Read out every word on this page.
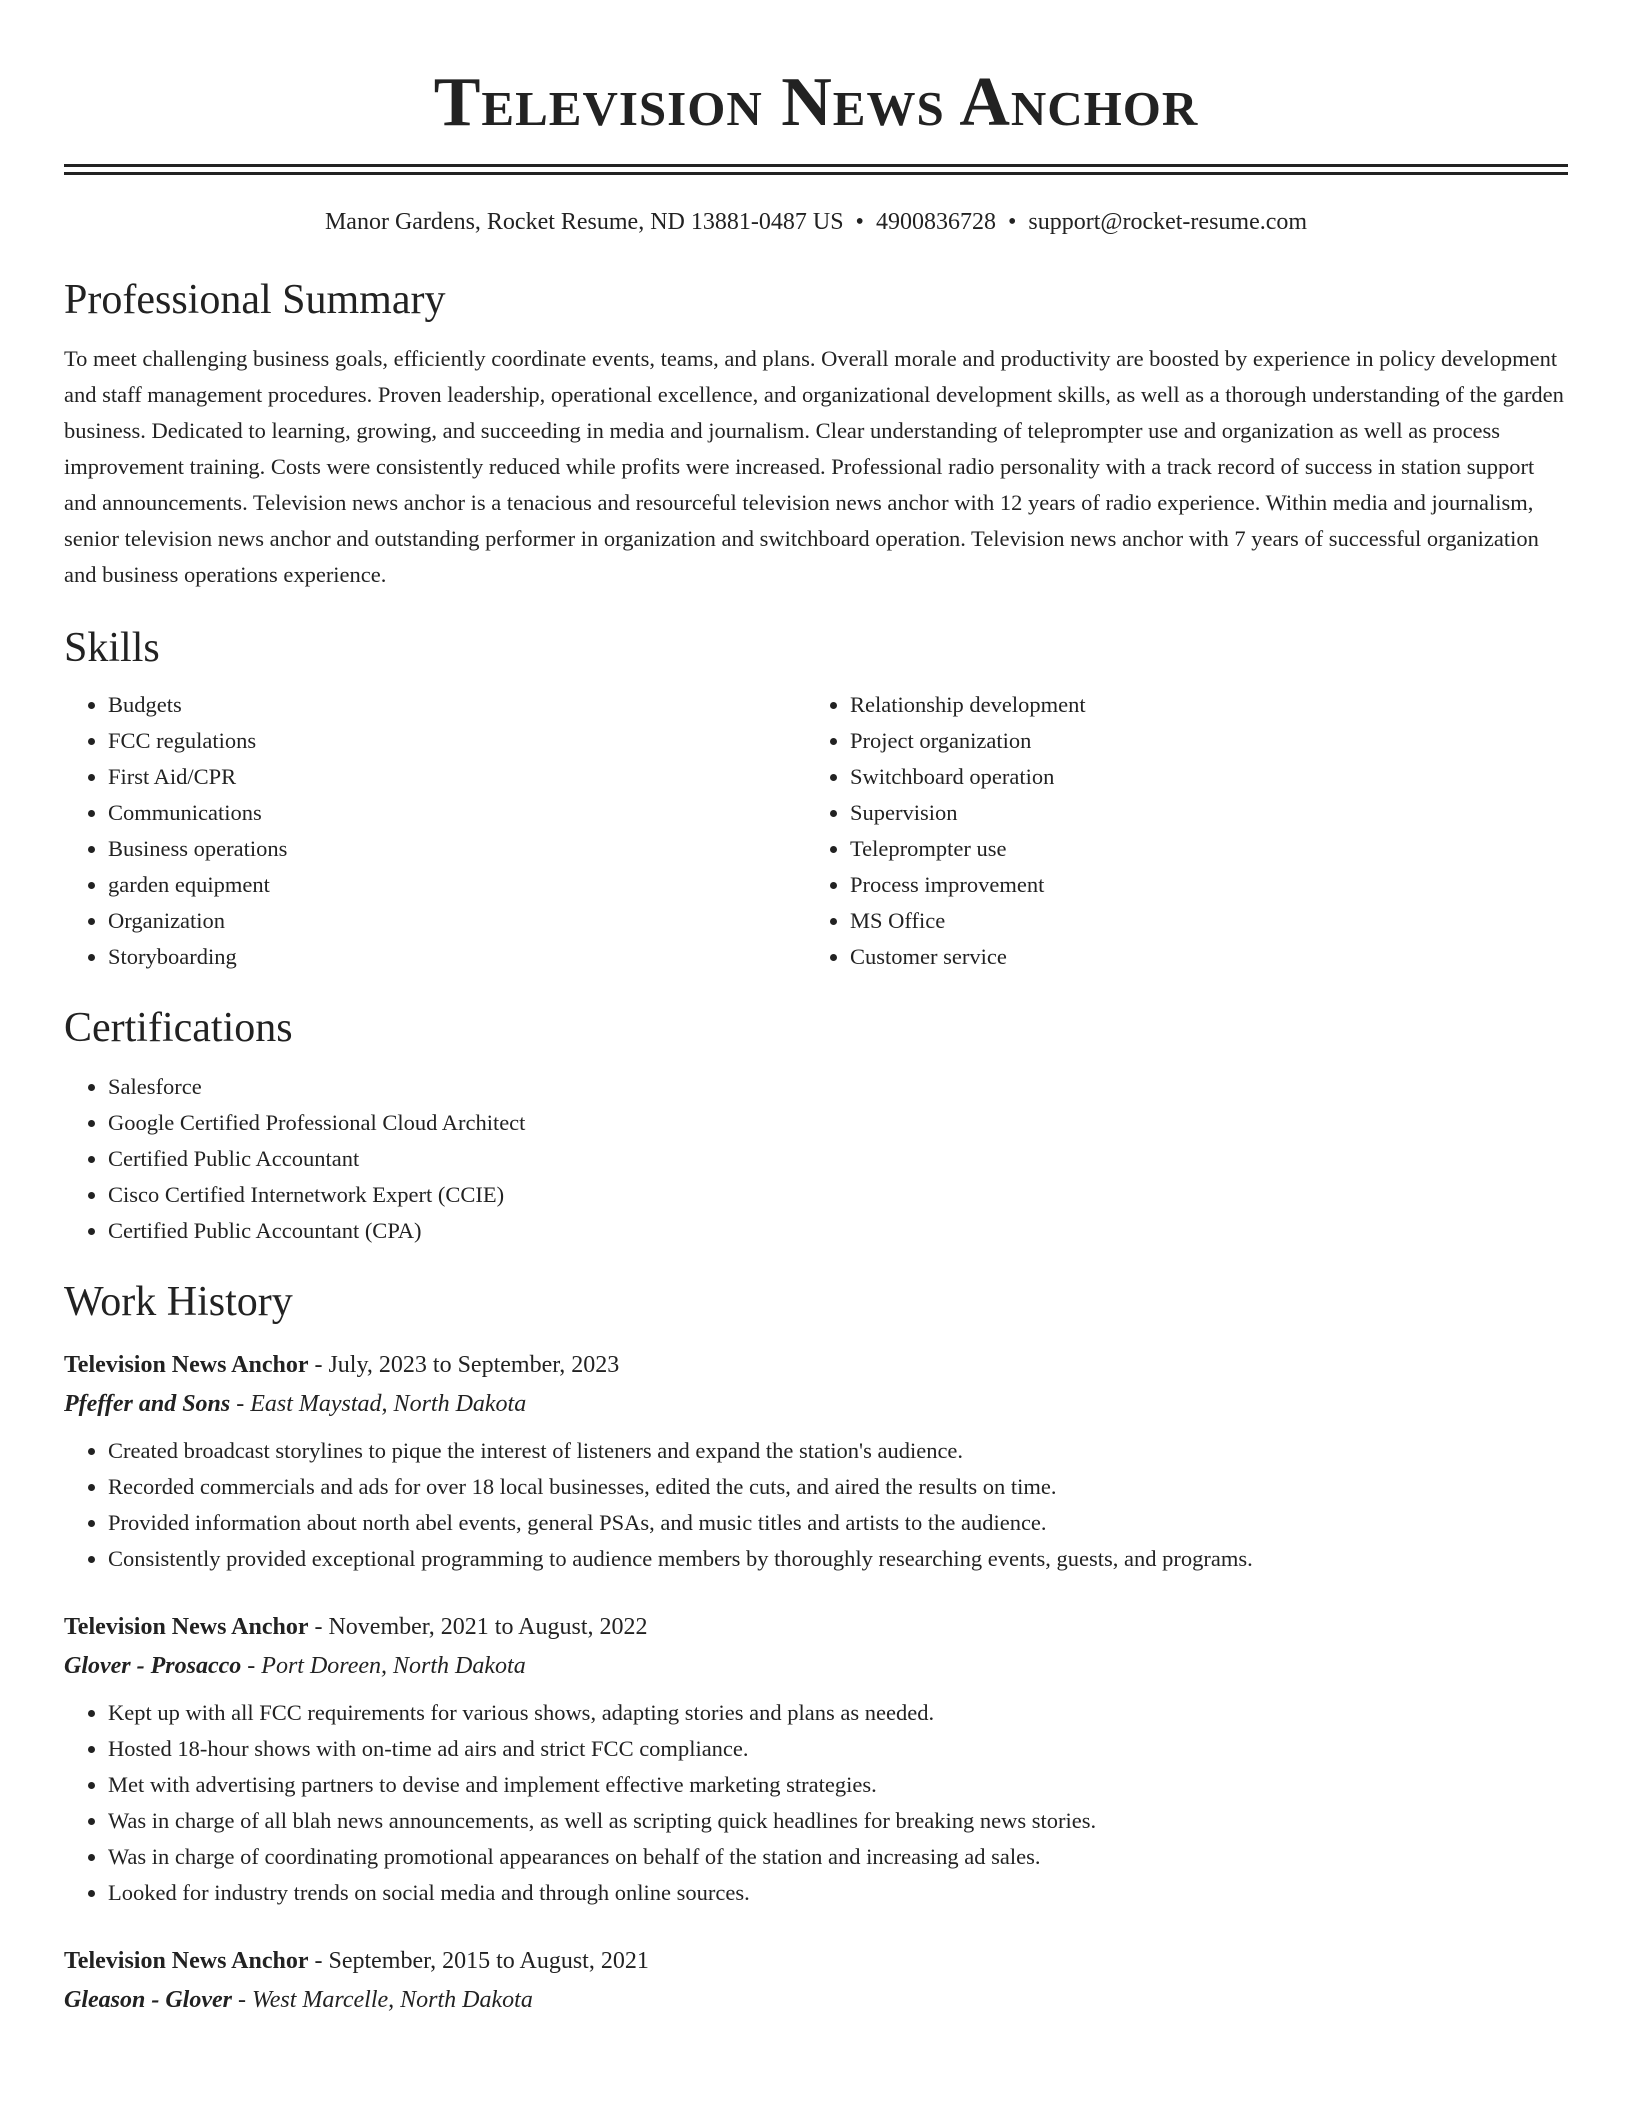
Television News Anchor
Manor Gardens, Rocket Resume, ND 13881-0487 US • 4900836728 • support@rocket-resume.com
Professional Summary

To meet challenging business goals, efficiently coordinate events, teams, and plans. Overall morale and productivity are boosted by experience in policy development and staff management procedures. Proven leadership, operational excellence, and organizational development skills, as well as a thorough understanding of the garden business. Dedicated to learning, growing, and succeeding in media and journalism. Clear understanding of teleprompter use and organization as well as process improvement training. Costs were consistently reduced while profits were increased. Professional radio personality with a track record of success in station support and announcements. Television news anchor is a tenacious and resourceful television news anchor with 12 years of radio experience. Within media and journalism, senior television news anchor and outstanding performer in organization and switchboard operation. Television news anchor with 7 years of successful organization and business operations experience.

Skills
• Budgets
• FCC regulations
• First Aid/CPR
• Communications
• Business operations
• garden equipment
• Organization
• Storyboarding
• Relationship development
• Project organization
• Switchboard operation
• Supervision
• Teleprompter use
• Process improvement
• MS Office
• Customer service
Certifications
• Salesforce
• Google Certified Professional Cloud Architect
• Certified Public Accountant
• Cisco Certified Internetwork Expert (CCIE)
• Certified Public Accountant (CPA)
Work History
Television News Anchor - July, 2023 to September, 2023
Pfeffer and Sons - East Maystad, North Dakota
• Created broadcast storylines to pique the interest of listeners and expand the station's audience.
• Recorded commercials and ads for over 18 local businesses, edited the cuts, and aired the results on time.
• Provided information about north abel events, general PSAs, and music titles and artists to the audience.
• Consistently provided exceptional programming to audience members by thoroughly researching events, guests, and programs.
Television News Anchor - November, 2021 to August, 2022
Glover - Prosacco - Port Doreen, North Dakota
• Kept up with all FCC requirements for various shows, adapting stories and plans as needed.
• Hosted 18-hour shows with on-time ad airs and strict FCC compliance.
• Met with advertising partners to devise and implement effective marketing strategies.
• Was in charge of all blah news announcements, as well as scripting quick headlines for breaking news stories.
• Was in charge of coordinating promotional appearances on behalf of the station and increasing ad sales.
• Looked for industry trends on social media and through online sources.
Television News Anchor - September, 2015 to August, 2021
Gleason - Glover - West Marcelle, North Dakota
